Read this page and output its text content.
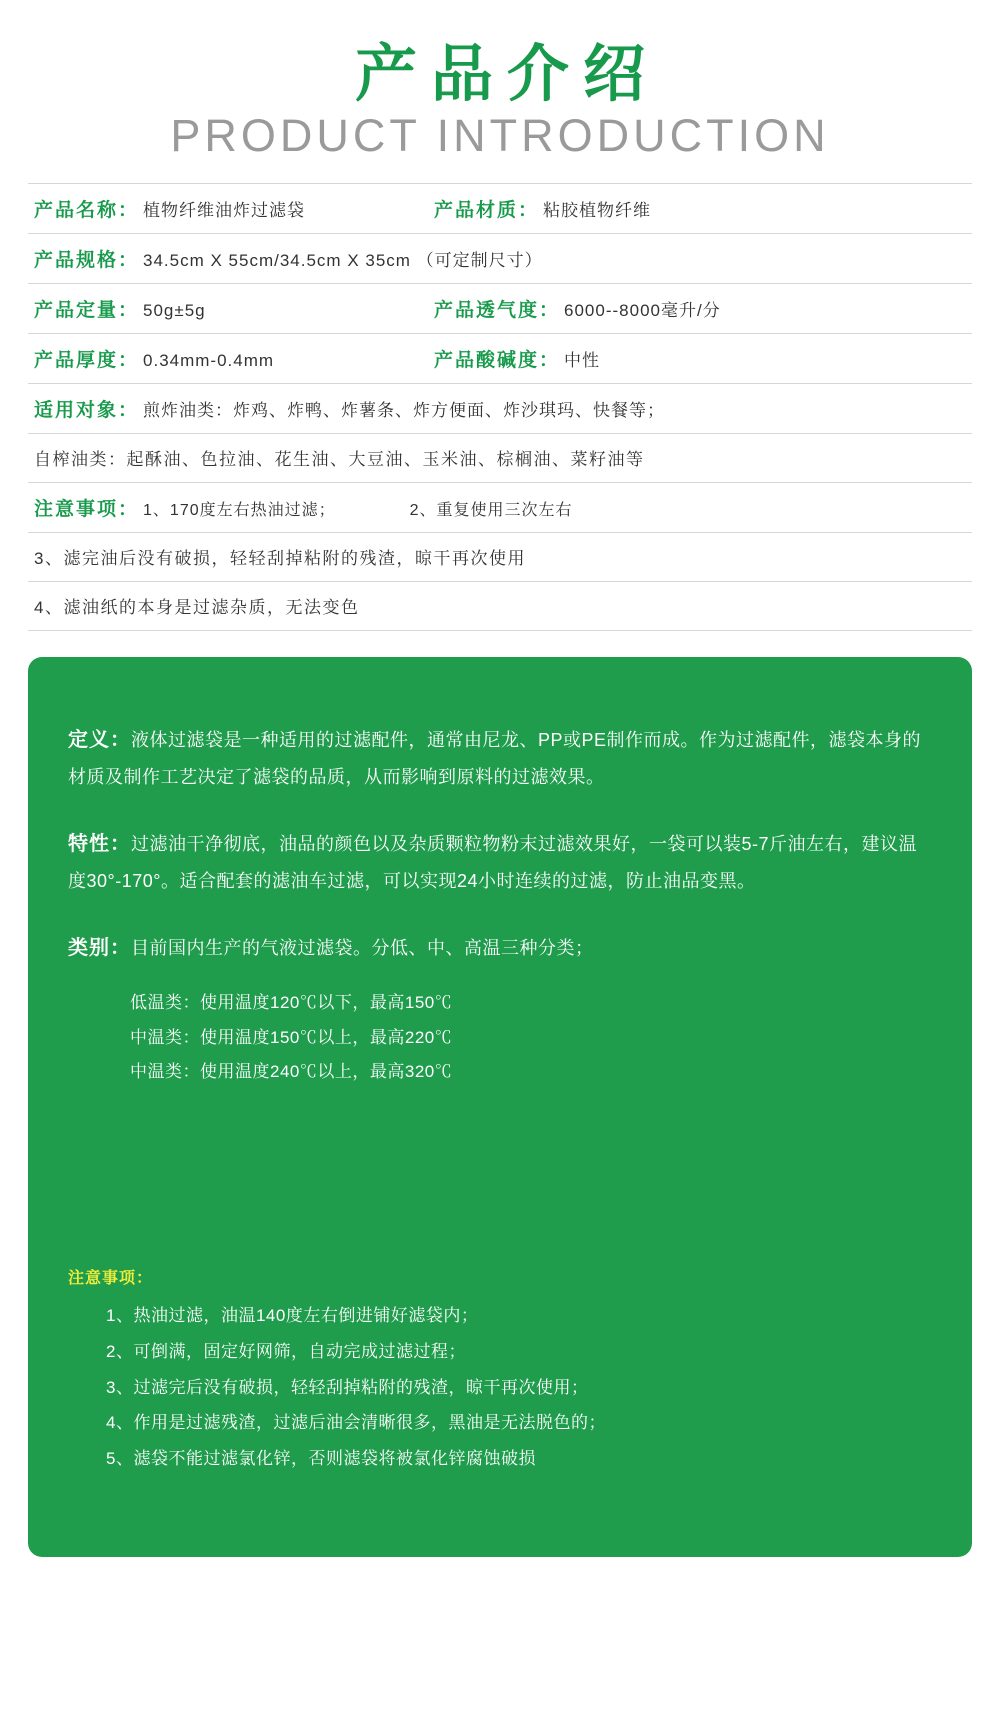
产品介绍
PRODUCT INTRODUCTION
产品名称： 植物纤维油炸过滤袋	产品材质： 粘胶植物纤维
产品规格： 34.5cm X 55cm/34.5cm X 35cm （可定制尺寸）
产品定量： 50g±5g	产品透气度： 6000--8000毫升/分
产品厚度： 0.34mm-0.4mm	产品酸碱度： 中性
适用对象： 煎炸油类：炸鸡、炸鸭、炸薯条、炸方便面、炸沙琪玛、快餐等；
自榨油类：起酥油、色拉油、花生油、大豆油、玉米油、棕榈油、菜籽油等
注意事项： 1、170度左右热油过滤；	2、重复使用三次左右
3、滤完油后没有破损，轻轻刮掉粘附的残渣，晾干再次使用
4、滤油纸的本身是过滤杂质，无法变色

定义：液体过滤袋是一种适用的过滤配件，通常由尼龙、PP或PE制作而成。作为过滤配件，滤袋本身的材质及制作工艺决定了滤袋的品质，从而影响到原料的过滤效果。

特性：过滤油干净彻底，油品的颜色以及杂质颗粒物粉末过滤效果好，一袋可以装5-7斤油左右，建议温度30°-170°。适合配套的滤油车过滤，可以实现24小时连续的过滤，防止油品变黑。

类别：目前国内生产的气液过滤袋。分低、中、高温三种分类；

低温类：使用温度120℃以下，最高150℃
中温类：使用温度150℃以上，最高220℃
中温类：使用温度240℃以上，最高320℃
注意事项：
1、热油过滤，油温140度左右倒进铺好滤袋内；
2、可倒满，固定好网筛，自动完成过滤过程；
3、过滤完后没有破损，轻轻刮掉粘附的残渣，晾干再次使用；
4、作用是过滤残渣，过滤后油会清晰很多，黑油是无法脱色的；
5、滤袋不能过滤氯化锌，否则滤袋将被氯化锌腐蚀破损
